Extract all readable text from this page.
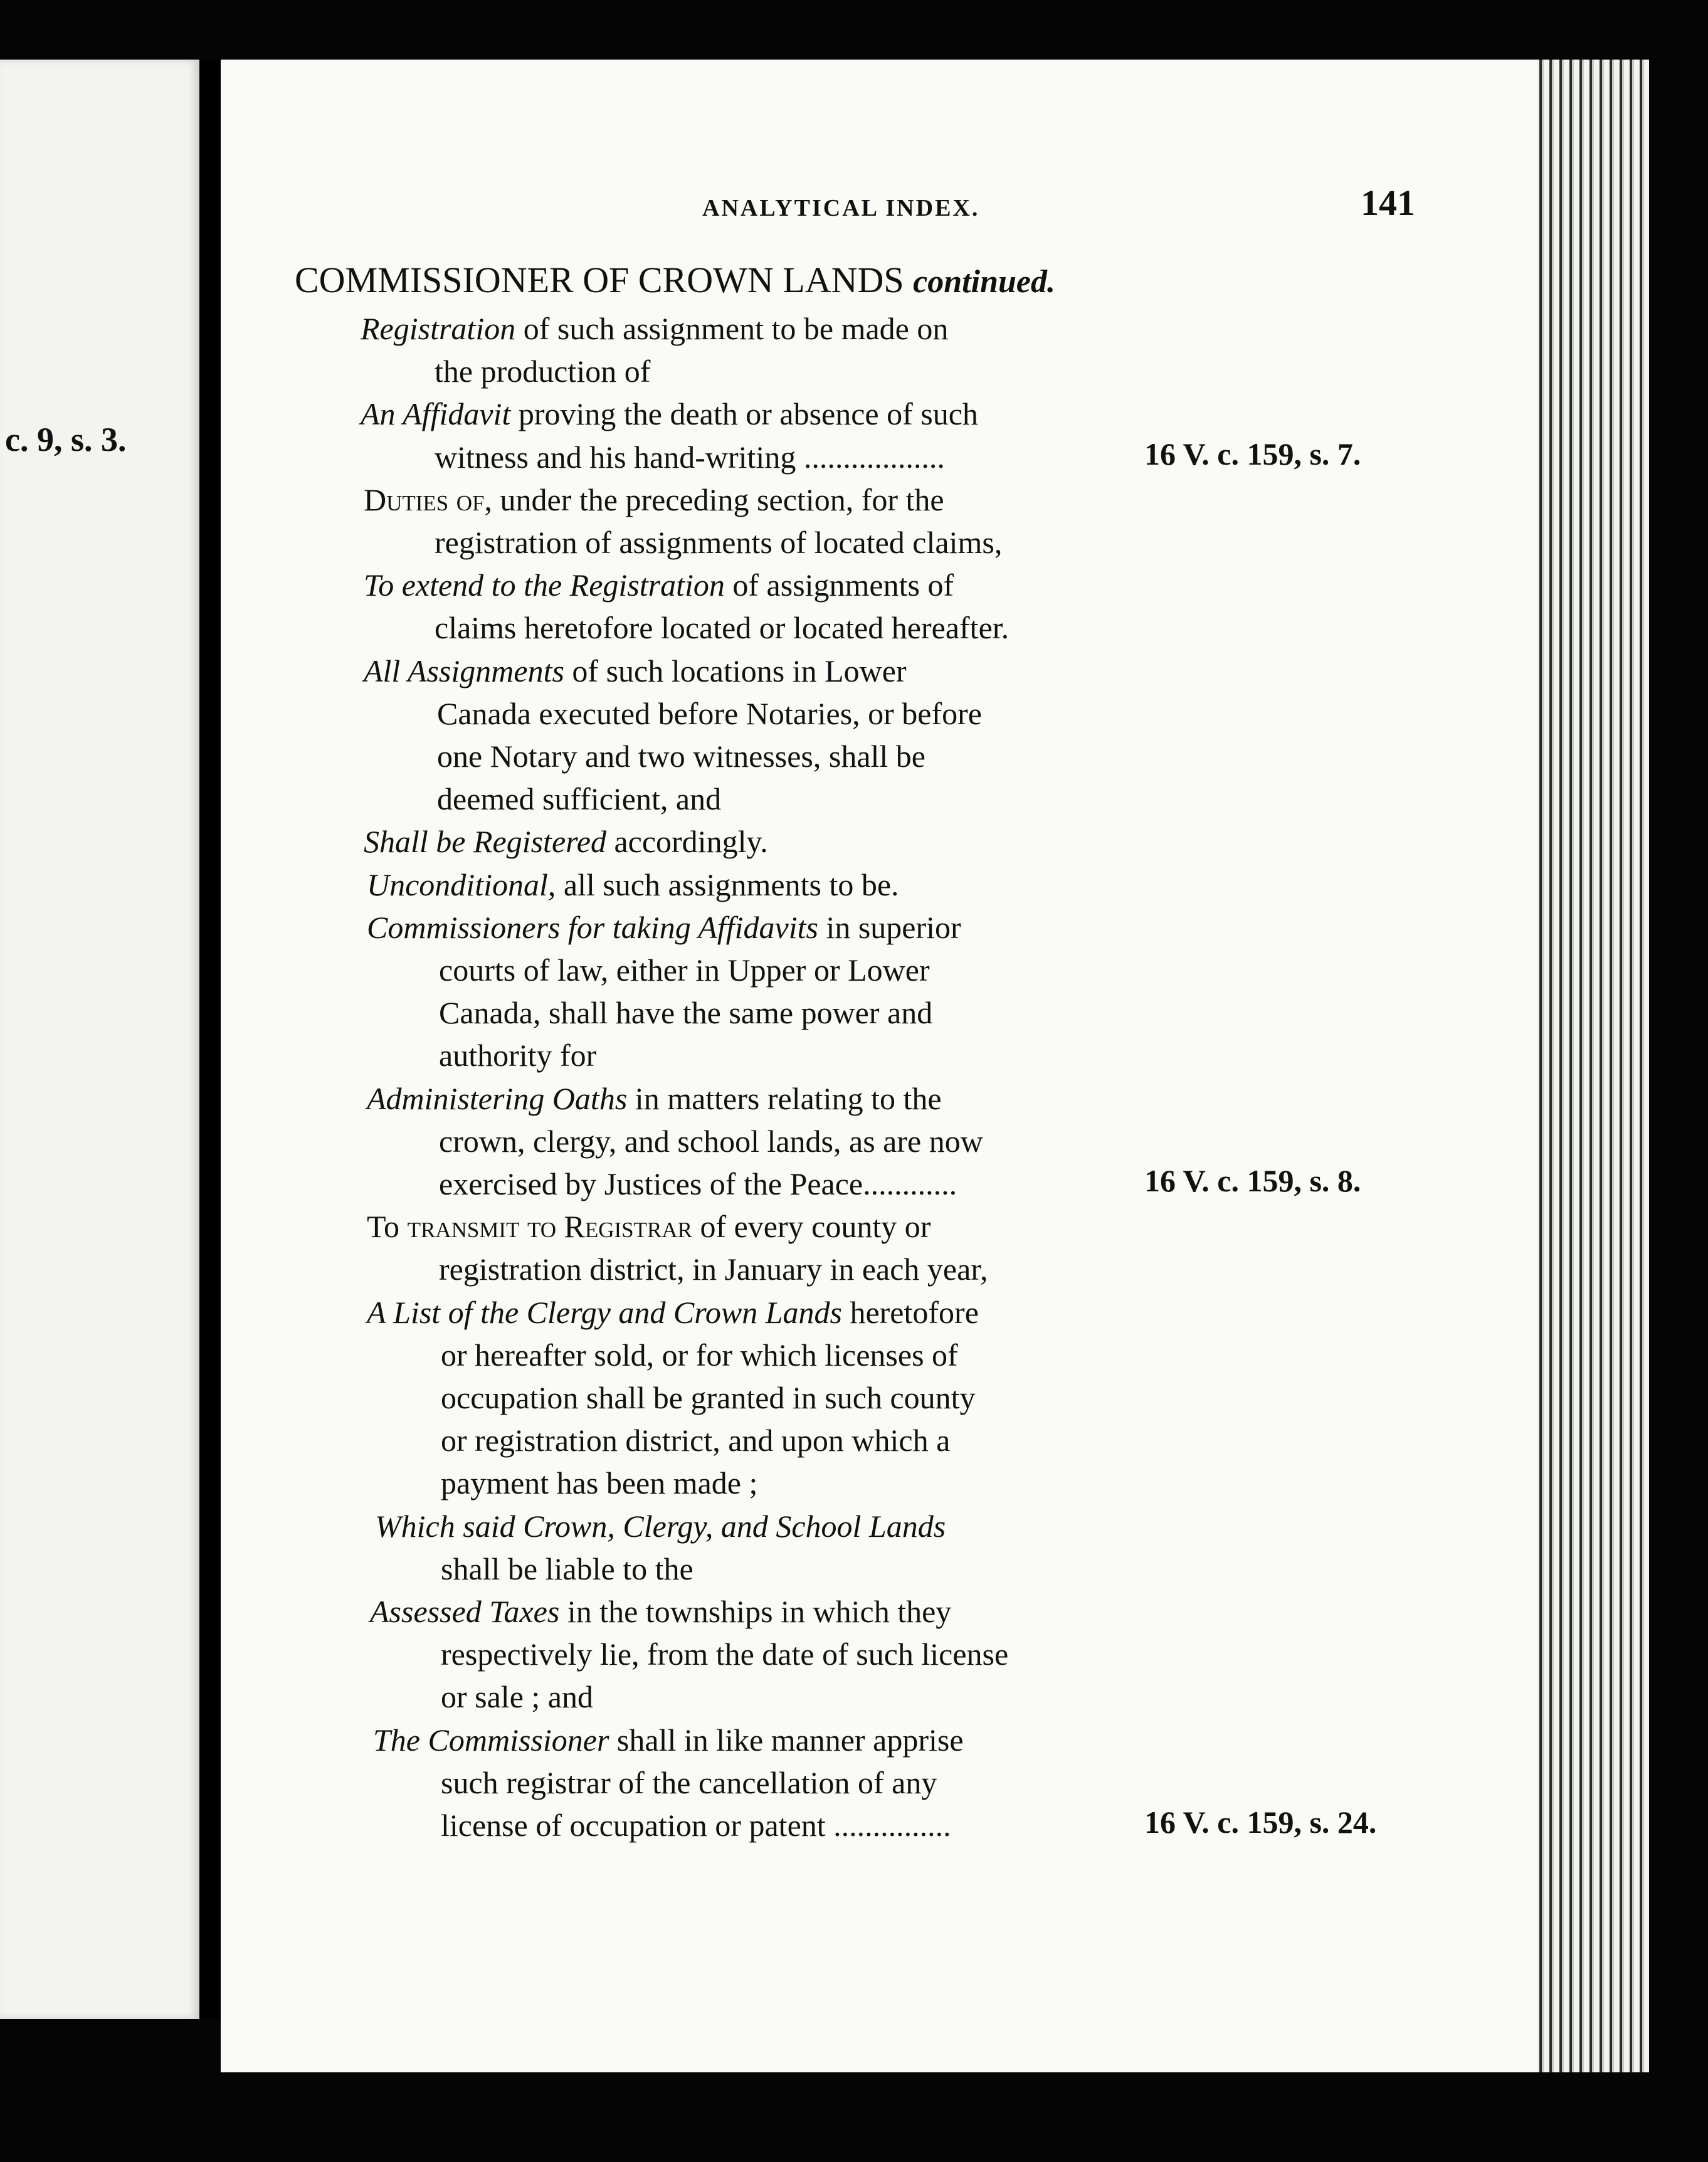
c. 9, s. 3.
ANALYTICAL INDEX.	141
COMMISSIONER OF CROWN LANDS continued.
Registration of such assignment to be made on
the production of
An Affidavit proving the death or absence of such
witness and his hand-writing ..................
Duties of, under the preceding section, for the
registration of assignments of located claims,
To extend to the Registration of assignments of
claims heretofore located or located hereafter.
All Assignments of such locations in Lower
Canada executed before Notaries, or before
one Notary and two witnesses, shall be
deemed sufficient, and
Shall be Registered accordingly.
Unconditional, all such assignments to be.
Commissioners for taking Affidavits in superior
courts of law, either in Upper or Lower
Canada, shall have the same power and
authority for
Administering Oaths in matters relating to the
crown, clergy, and school lands, as are now
exercised by Justices of the Peace............
To transmit to Registrar of every county or
registration district, in January in each year,
A List of the Clergy and Crown Lands heretofore
or hereafter sold, or for which licenses of
occupation shall be granted in such county
or registration district, and upon which a
payment has been made ;
Which said Crown, Clergy, and School Lands
shall be liable to the
Assessed Taxes in the townships in which they
respectively lie, from the date of such license
or sale ; and
The Commissioner shall in like manner apprise
such registrar of the cancellation of any
license of occupation or patent ...............
16 V. c. 159, s. 7.
16 V. c. 159, s. 8.
16 V. c. 159, s. 24.
